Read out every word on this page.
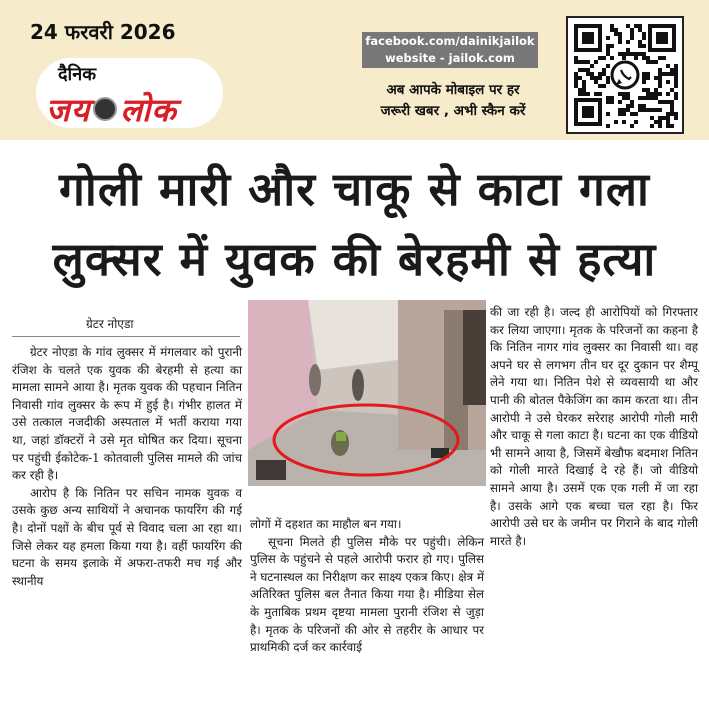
24 फरवरी 2026
दैनिक
जय लोक
facebook.com/dainikjailok
website - jailok.com
अब आपके मोबाइल पर हर
जरूरी खबर , अभी स्कैन करें
गोली मारी और चाकू से काटा गला
लुक्सर में युवक की बेरहमी से हत्या
ग्रेटर नोएडा

ग्रेटर नोएडा के गांव लुक्सर में मंगलवार को पुरानी रंजिश के चलते एक युवक की बेरहमी से हत्या का मामला सामने आया है। मृतक युवक की पहचान नितिन निवासी गांव लुक्सर के रूप में हुई है। गंभीर हालत में उसे तत्काल नजदीकी अस्पताल में भर्ती कराया गया था, जहां डॉक्टरों ने उसे मृत घोषित कर दिया। सूचना पर पहुंची ईकोटेक-1 कोतवाली पुलिस मामले की जांच कर रही है।

आरोप है कि नितिन पर सचिन नामक युवक व उसके कुछ अन्य साथियों ने अचानक फायरिंग की गई है। दोनों पक्षों के बीच पूर्व से विवाद चला आ रहा था। जिसे लेकर यह हमला किया गया है। वहीं फायरिंग की घटना के समय इलाके में अफरा-तफरी मच गई और स्थानीय

लोगों में दहशत का माहौल बन गया।

सूचना मिलते ही पुलिस मौके पर पहुंची। लेकिन पुलिस के पहुंचने से पहले आरोपी फरार हो गए। पुलिस ने घटनास्थल का निरीक्षण कर साक्ष्य एकत्र किए। क्षेत्र में अतिरिक्त पुलिस बल तैनात किया गया है। मीडिया सेल के मुताबिक प्रथम दृष्टया मामला पुरानी रंजिश से जुड़ा है। मृतक के परिजनों की ओर से तहरीर के आधार पर प्राथमिकी दर्ज कर कार्रवाई

की जा रही है। जल्द ही आरोपियों को गिरफ्तार कर लिया जाएगा। मृतक के परिजनों का कहना है कि नितिन नागर गांव लुक्सर का निवासी था। वह अपने घर से लगभग तीन घर दूर दुकान पर शैम्पू लेने गया था। नितिन पेशे से व्यवसायी था और पानी की बोतल पैकेजिंग का काम करता था। तीन आरोपी ने उसे घेरकर सरेराह आरोपी गोली मारी और चाकू से गला काटा है। घटना का एक वीडियो भी सामने आया है, जिसमें बेखौफ बदमाश नितिन को गोली मारते दिखाई दे रहे हैं। जो वीडियो सामने आया है। उसमें एक एक गली में जा रहा है। उसके आगे एक बच्चा चल रहा है। फिर आरोपी उसे घर के जमीन पर गिराने के बाद गोली मारते है।
